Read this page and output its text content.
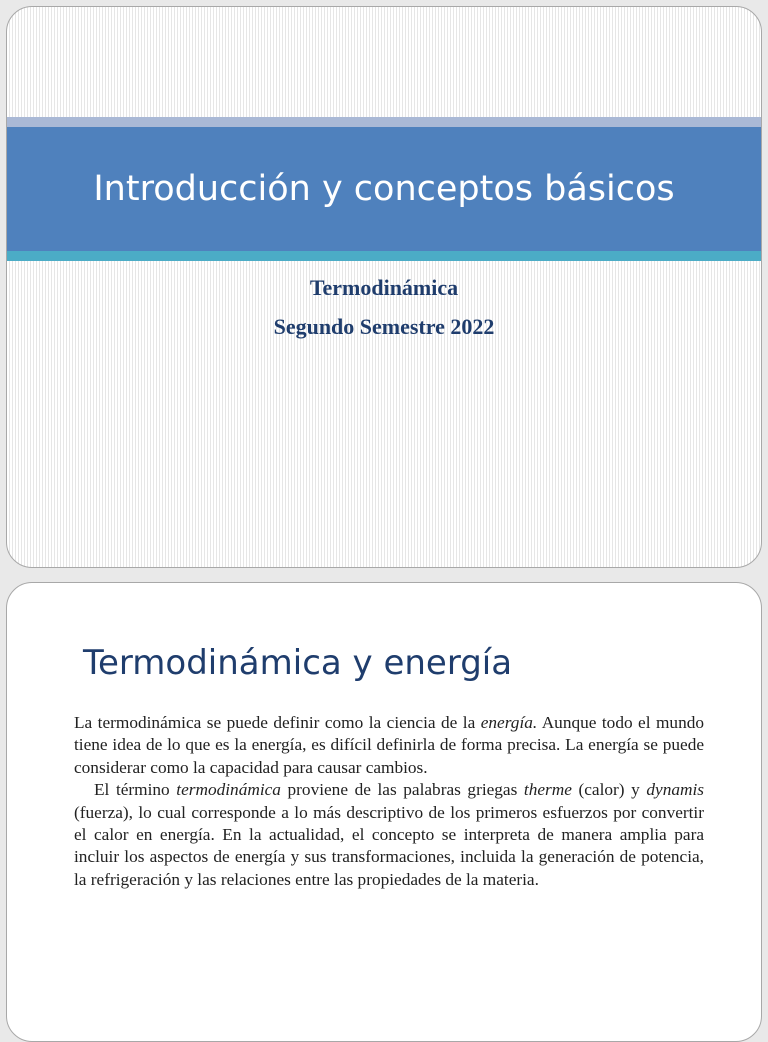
Introducción y conceptos básicos
Termodinámica
Segundo Semestre 2022
Termodinámica y energía

La termodinámica se puede definir como la ciencia de la energía. Aunque todo el mundo tiene idea de lo que es la energía, es difícil definirla de forma precisa. La energía se puede considerar como la capacidad para causar cambios.

El término termodinámica proviene de las palabras griegas therme (calor) y dynamis (fuerza), lo cual corresponde a lo más descriptivo de los primeros esfuerzos por convertir el calor en energía. En la actualidad, el concepto se interpreta de manera amplia para incluir los aspectos de energía y sus transformaciones, incluida la generación de potencia, la refrigeración y las relaciones entre las propiedades de la materia.
